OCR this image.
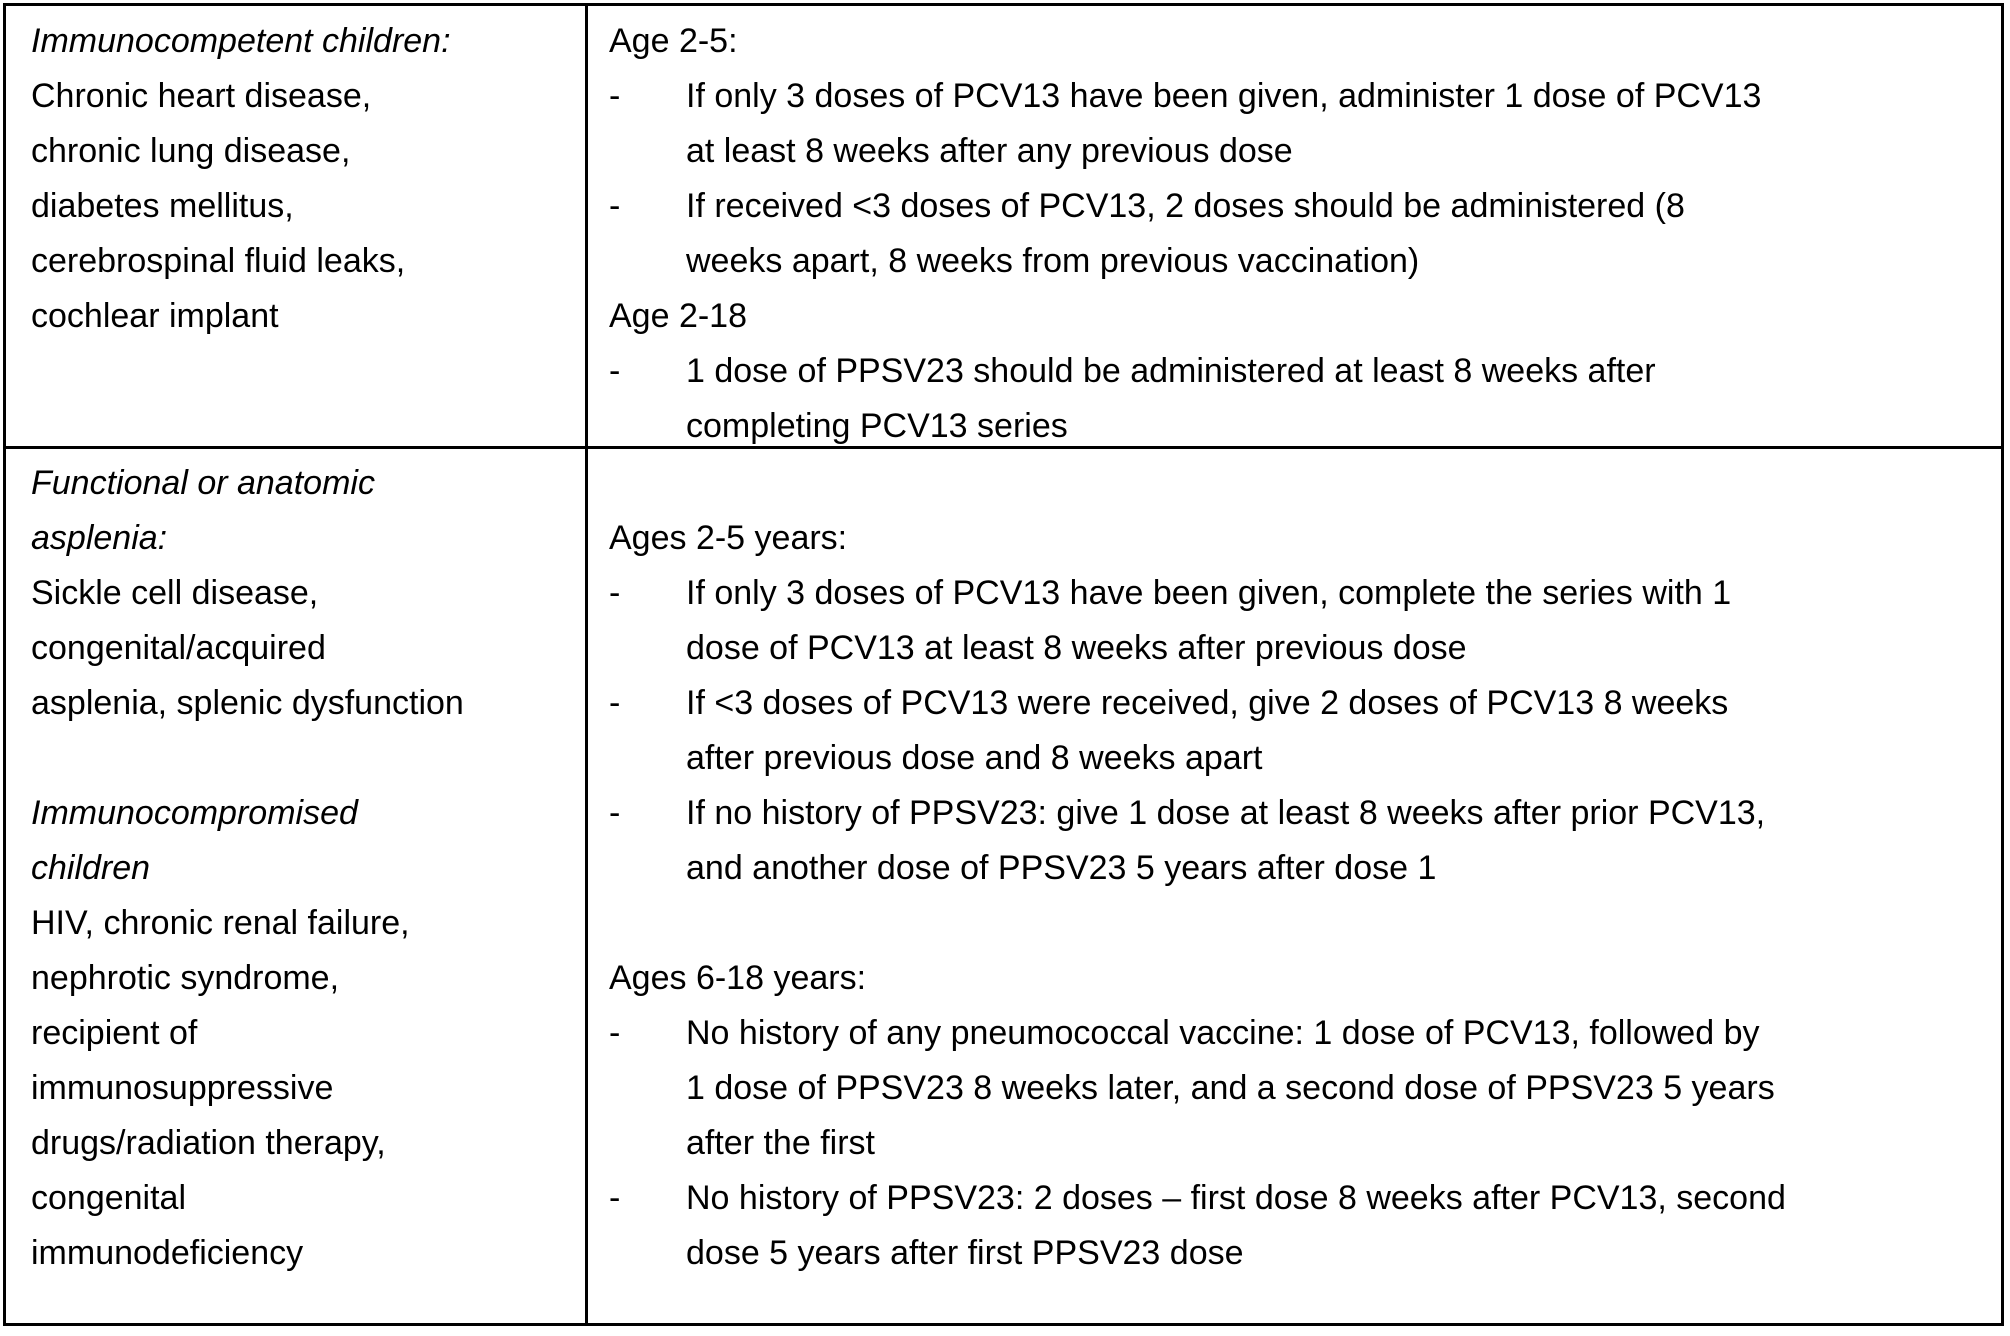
Immunocompetent children:
Chronic heart disease,
chronic lung disease,
diabetes mellitus,
cerebrospinal fluid leaks,
cochlear implant
Age 2-5:
- If only 3 doses of PCV13 have been given, administer 1 dose of PCV13
at least 8 weeks after any previous dose
- If received <3 doses of PCV13, 2 doses should be administered (8
weeks apart, 8 weeks from previous vaccination)
Age 2-18
- 1 dose of PPSV23 should be administered at least 8 weeks after
completing PCV13 series
Functional or anatomic
asplenia:
Sickle cell disease,
congenital/acquired
asplenia, splenic dysfunction
Immunocompromised
children
HIV, chronic renal failure,
nephrotic syndrome,
recipient of
immunosuppressive
drugs/radiation therapy,
congenital
immunodeficiency
Ages 2-5 years:
- If only 3 doses of PCV13 have been given, complete the series with 1
dose of PCV13 at least 8 weeks after previous dose
- If <3 doses of PCV13 were received, give 2 doses of PCV13 8 weeks
after previous dose and 8 weeks apart
- If no history of PPSV23: give 1 dose at least 8 weeks after prior PCV13,
and another dose of PPSV23 5 years after dose 1
Ages 6-18 years:
- No history of any pneumococcal vaccine: 1 dose of PCV13, followed by
1 dose of PPSV23 8 weeks later, and a second dose of PPSV23 5 years
after the first
- No history of PPSV23: 2 doses – first dose 8 weeks after PCV13, second
dose 5 years after first PPSV23 dose
